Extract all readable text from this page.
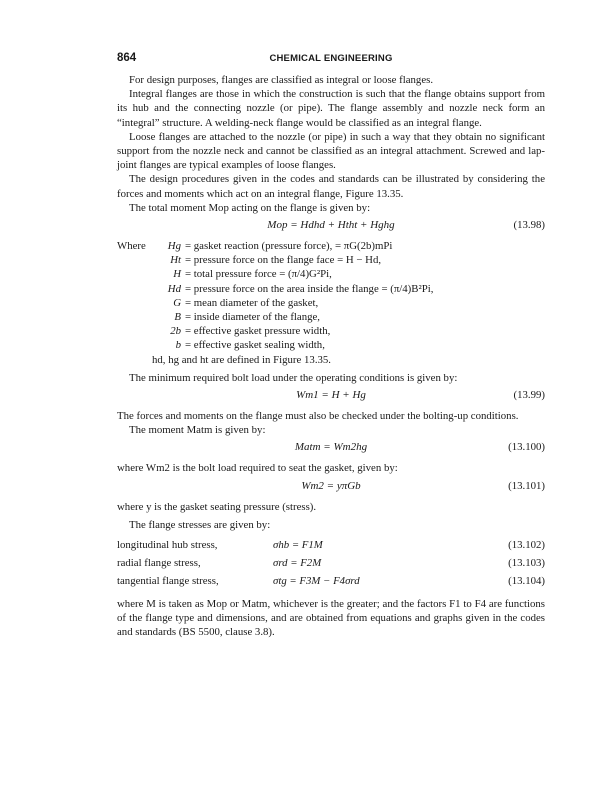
864	CHEMICAL ENGINEERING

For design purposes, flanges are classified as integral or loose flanges.

Integral flanges are those in which the construction is such that the flange obtains support from its hub and the connecting nozzle (or pipe). The flange assembly and nozzle neck form an “integral” structure. A welding-neck flange would be classified as an integral flange.

Loose flanges are attached to the nozzle (or pipe) in such a way that they obtain no significant support from the nozzle neck and cannot be classified as an integral attachment. Screwed and lap-joint flanges are typical examples of loose flanges.

The design procedures given in the codes and standards can be illustrated by considering the forces and moments which act on an integral flange, Figure 13.35.

The total moment Mop acting on the flange is given by:

Mop = Hdhd + Htht + Hghg	(13.98)
Where	Hg = gasket reaction (pressure force), = πG(2b)mPi
Ht = pressure force on the flange face = H − Hd,
H = total pressure force = (π/4)G²Pi,
Hd = pressure force on the area inside the flange = (π/4)B²Pi,
G = mean diameter of the gasket,
B = inside diameter of the flange,
2b = effective gasket pressure width,
b = effective gasket sealing width,
hd, hg and ht are defined in Figure 13.35.

The minimum required bolt load under the operating conditions is given by:

Wm1 = H + Hg	(13.99)

The forces and moments on the flange must also be checked under the bolting-up conditions.

The moment Matm is given by:

Matm = Wm2hg	(13.100)

where Wm2 is the bolt load required to seat the gasket, given by:

Wm2 = yπGb	(13.101)

where y is the gasket seating pressure (stress).

The flange stresses are given by:

longitudinal hub stress,	σhb = F1M	(13.102)
radial flange stress,	σrd = F2M	(13.103)
tangential flange stress,	σtg = F3M − F4σrd	(13.104)

where M is taken as Mop or Matm, whichever is the greater; and the factors F1 to F4 are functions of the flange type and dimensions, and are obtained from equations and graphs given in the codes and standards (BS 5500, clause 3.8).
